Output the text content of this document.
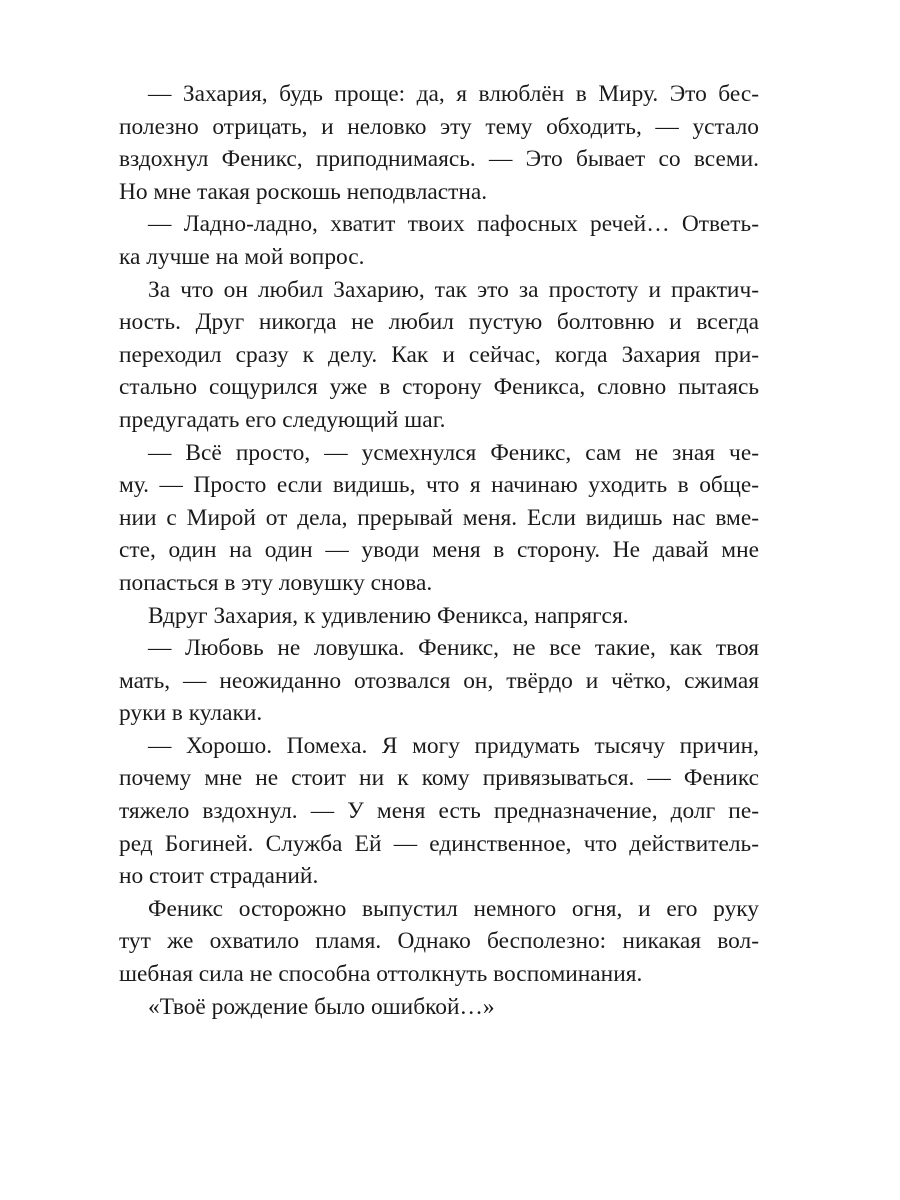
— Захария, будь проще: да, я влюблён в Миру. Это бес-
полезно отрицать, и неловко эту тему обходить, — устало
вздохнул Феникс, приподнимаясь. — Это бывает со всеми.
Но мне такая роскошь неподвластна.
— Ладно-ладно, хватит твоих пафосных речей… Ответь-
ка лучше на мой вопрос.
За что он любил Захарию, так это за простоту и практич-
ность. Друг никогда не любил пустую болтовню и всегда
переходил сразу к делу. Как и сейчас, когда Захария при-
стально сощурился уже в сторону Феникса, словно пытаясь
предугадать его следующий шаг.
— Всё просто, — усмехнулся Феникс, сам не зная че-
му. — Просто если видишь, что я начинаю уходить в обще-
нии с Мирой от дела, прерывай меня. Если видишь нас вме-
сте, один на один — уводи меня в сторону. Не давай мне
попасться в эту ловушку снова.
Вдруг Захария, к удивлению Феникса, напрягся.
— Любовь не ловушка. Феникс, не все такие, как твоя
мать, — неожиданно отозвался он, твёрдо и чётко, сжимая
руки в кулаки.
— Хорошо. Помеха. Я могу придумать тысячу причин,
почему мне не стоит ни к кому привязываться. — Феникс
тяжело вздохнул. — У меня есть предназначение, долг пе-
ред Богиней. Служба Ей — единственное, что действитель-
но стоит страданий.
Феникс осторожно выпустил немного огня, и его руку
тут же охватило пламя. Однако бесполезно: никакая вол-
шебная сила не способна оттолкнуть воспоминания.
«Твоё рождение было ошибкой…»
